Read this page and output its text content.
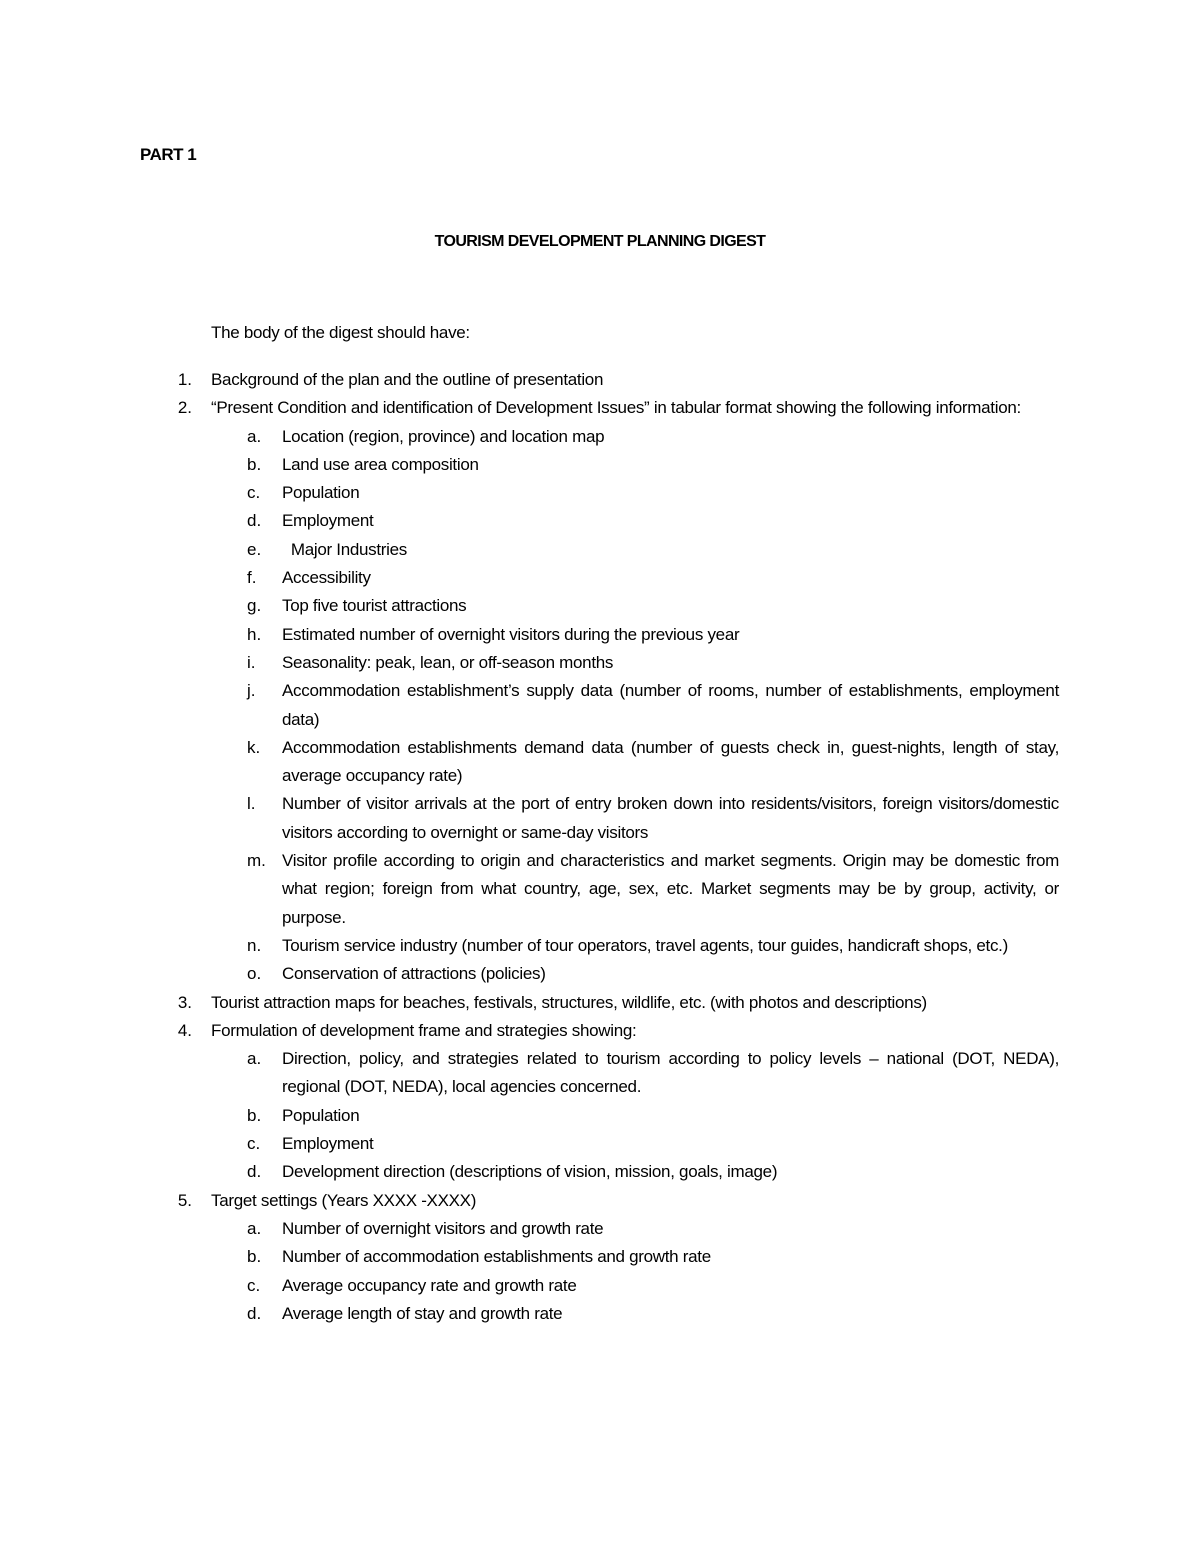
PART 1
TOURISM DEVELOPMENT PLANNING DIGEST
The body of the digest should have:
1. Background of the plan and the outline of presentation
2. “Present Condition and identification of Development Issues” in tabular format showing the following information:
a. Location (region, province) and location map
b. Land use area composition
c. Population
d. Employment
e. Major Industries
f. Accessibility
g. Top five tourist attractions
h. Estimated number of overnight visitors during the previous year
i. Seasonality: peak, lean, or off-season months
j. Accommodation establishment’s supply data (number of rooms, number of establishments, employment data)
k. Accommodation establishments demand data (number of guests check in, guest-nights, length of stay, average occupancy rate)
l. Number of visitor arrivals at the port of entry broken down into residents/visitors, foreign visitors/domestic visitors according to overnight or same-day visitors
m. Visitor profile according to origin and characteristics and market segments. Origin may be domestic from what region; foreign from what country, age, sex, etc. Market segments may be by group, activity, or purpose.
n. Tourism service industry (number of tour operators, travel agents, tour guides, handicraft shops, etc.)
o. Conservation of attractions (policies)
3. Tourist attraction maps for beaches, festivals, structures, wildlife, etc. (with photos and descriptions)
4. Formulation of development frame and strategies showing:
a. Direction, policy, and strategies related to tourism according to policy levels – national (DOT, NEDA), regional (DOT, NEDA), local agencies concerned.
b. Population
c. Employment
d. Development direction (descriptions of vision, mission, goals, image)
5. Target settings (Years XXXX -XXXX)
a. Number of overnight visitors and growth rate
b. Number of accommodation establishments and growth rate
c. Average occupancy rate and growth rate
d. Average length of stay and growth rate
